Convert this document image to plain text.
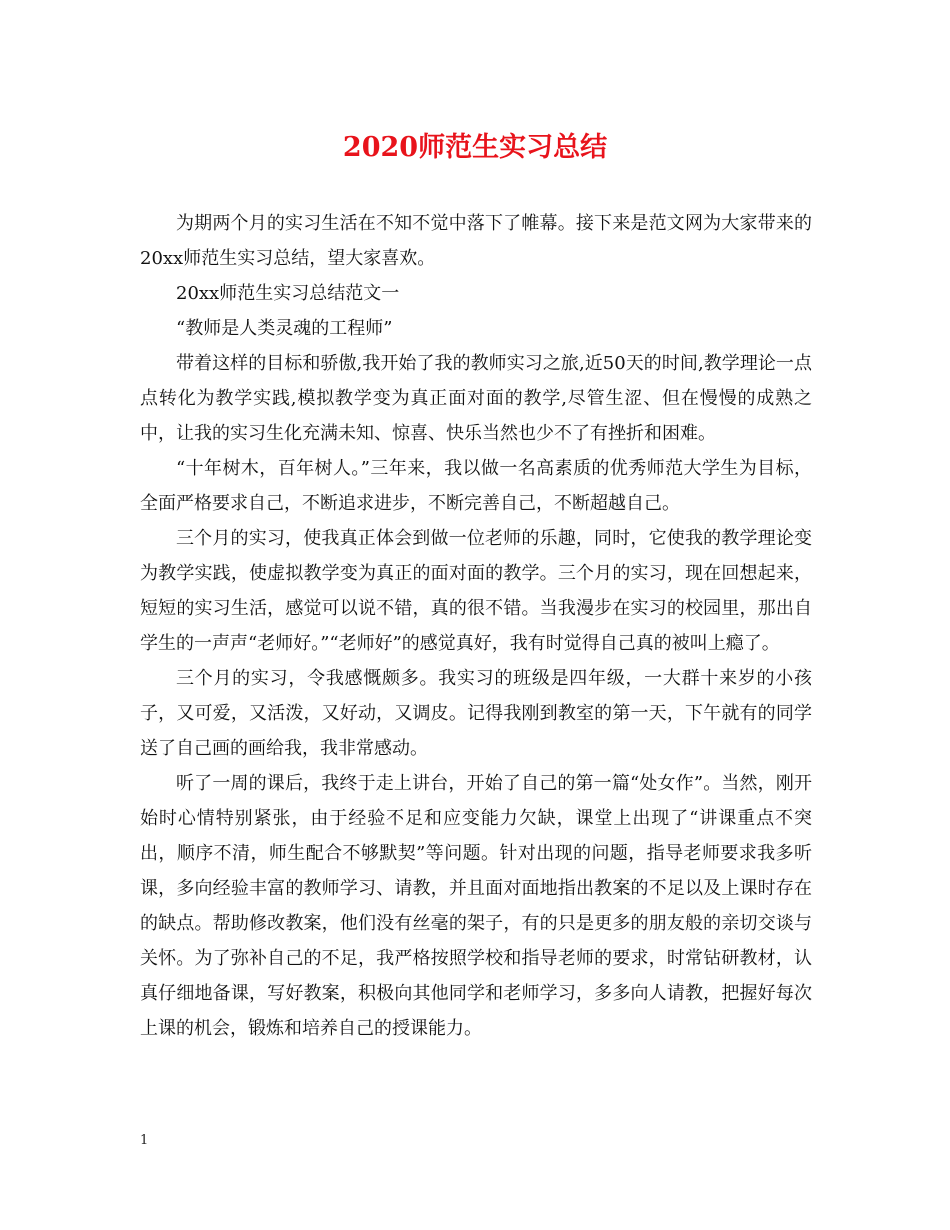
2020师范生实习总结

为期两个月的实习生活在不知不觉中落下了帷幕。接下来是范文网为大家带来的20xx师范生实习总结，望大家喜欢。

20xx师范生实习总结范文一

“教师是人类灵魂的工程师”

带着这样的目标和骄傲,我开始了我的教师实习之旅,近50天的时间,教学理论一点点转化为教学实践,模拟教学变为真正面对面的教学,尽管生涩、但在慢慢的成熟之中，让我的实习生化充满未知、惊喜、快乐当然也少不了有挫折和困难。

“十年树木，百年树人。”三年来，我以做一名高素质的优秀师范大学生为目标，全面严格要求自己，不断追求进步，不断完善自己，不断超越自己。

三个月的实习，使我真正体会到做一位老师的乐趣，同时，它使我的教学理论变为教学实践，使虚拟教学变为真正的面对面的教学。三个月的实习，现在回想起来，短短的实习生活，感觉可以说不错，真的很不错。当我漫步在实习的校园里，那出自学生的一声声“老师好。”“老师好”的感觉真好，我有时觉得自己真的被叫上瘾了。

三个月的实习，令我感慨颇多。我实习的班级是四年级，一大群十来岁的小孩子，又可爱，又活泼，又好动，又调皮。记得我刚到教室的第一天，下午就有的同学送了自己画的画给我，我非常感动。

听了一周的课后，我终于走上讲台，开始了自己的第一篇“处女作”。当然，刚开始时心情特别紧张，由于经验不足和应变能力欠缺，课堂上出现了“讲课重点不突出，顺序不清，师生配合不够默契”等问题。针对出现的问题，指导老师要求我多听课，多向经验丰富的教师学习、请教，并且面对面地指出教案的不足以及上课时存在的缺点。帮助修改教案，他们没有丝毫的架子，有的只是更多的朋友般的亲切交谈与关怀。为了弥补自己的不足，我严格按照学校和指导老师的要求，时常钻研教材，认真仔细地备课，写好教案，积极向其他同学和老师学习，多多向人请教，把握好每次上课的机会，锻炼和培养自己的授课能力。

1
